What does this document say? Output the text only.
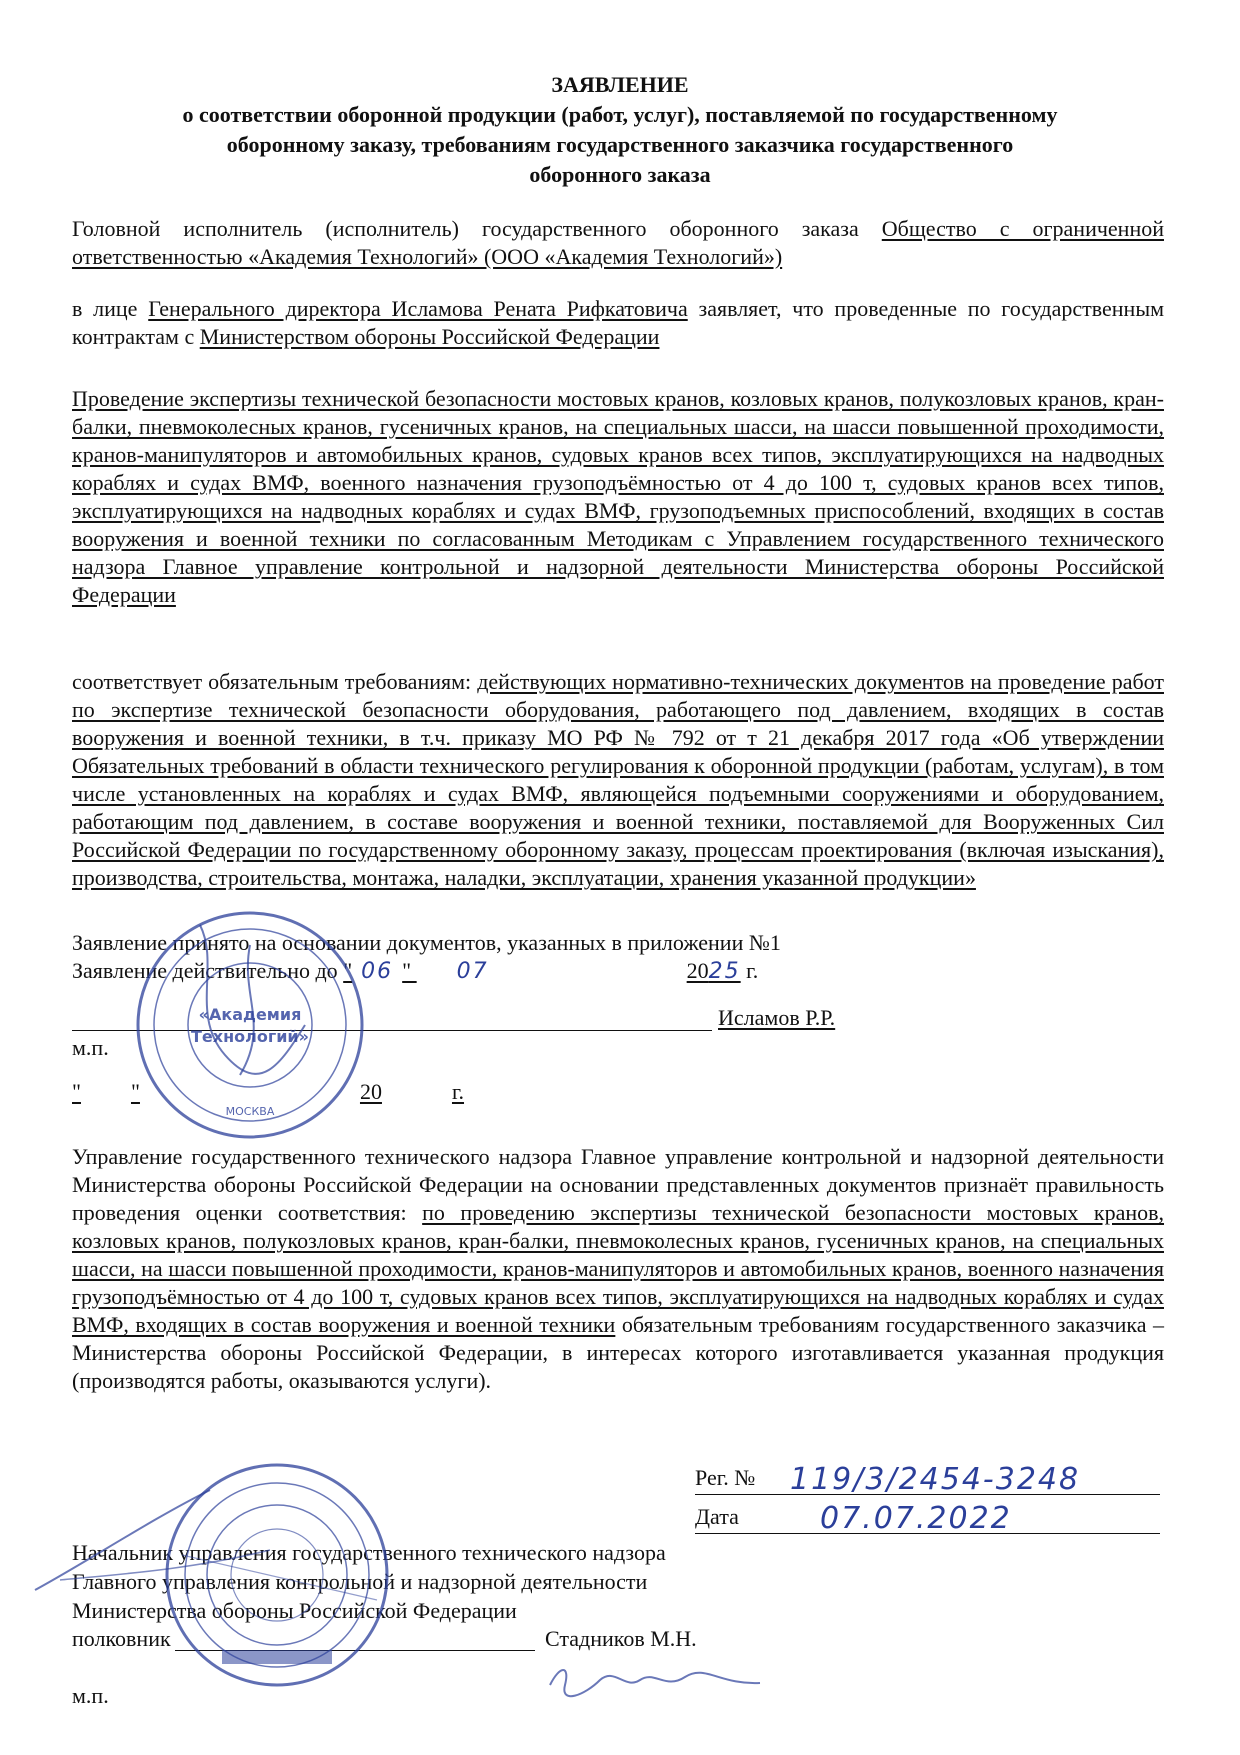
ЗАЯВЛЕНИЕ
о соответствии оборонной продукции (работ, услуг), поставляемой по государственному
оборонному заказу, требованиям государственного заказчика государственного
оборонного заказа
Головной исполнитель (исполнитель) государственного оборонного заказа Общество с ограниченной ответственностью «Академия Технологий» (ООО «Академия Технологий»)
в лице Генерального директора Исламова Рената Рифкатовича заявляет, что проведенные по государственным контрактам с Министерством обороны Российской Федерации
Проведение экспертизы технической безопасности мостовых кранов, козловых кранов, полукозловых кранов, кран-балки, пневмоколесных кранов, гусеничных кранов, на специальных шасси, на шасси повышенной проходимости, кранов-манипуляторов и автомобильных кранов, судовых кранов всех типов, эксплуатирующихся на надводных кораблях и судах ВМФ, военного назначения грузоподъёмностью от 4 до 100 т, судовых кранов всех типов, эксплуатирующихся на надводных кораблях и судах ВМФ, грузоподъемных приспособлений, входящих в состав вооружения и военной техники по согласованным Методикам с Управлением государственного технического надзора Главное управление контрольной и надзорной деятельности Министерства обороны Российской Федерации
соответствует обязательным требованиям: действующих нормативно-технических документов на проведение работ по экспертизе технической безопасности оборудования, работающего под давлением, входящих в состав вооружения и военной техники, в т.ч. приказу МО РФ № 792 от т 21 декабря 2017 года «Об утверждении Обязательных требований в области технического регулирования к оборонной продукции (работам, услугам), в том числе установленных на кораблях и судах ВМФ, являющейся подъемными сооружениями и оборудованием, работающим под давлением, в составе вооружения и военной техники, поставляемой для Вооруженных Сил Российской Федерации по государственному оборонному заказу, процессам проектирования (включая изыскания), производства, строительства, монтажа, наладки, эксплуатации, хранения указанной продукции»
Заявление принято на основании документов, указанных в приложении №1
Заявление действительно до " 06 " 07	2025 г.
Исламов Р.Р.
м.п.
" "	20	г.
«Академия
Технологий»
МОСКВА
Управление государственного технического надзора Главное управление контрольной и надзорной деятельности Министерства обороны Российской Федерации на основании представленных документов признаёт правильность проведения оценки соответствия: по проведению экспертизы технической безопасности мостовых кранов, козловых кранов, полукозловых кранов, кран-балки, пневмоколесных кранов, гусеничных кранов, на специальных шасси, на шасси повышенной проходимости, кранов-манипуляторов и автомобильных кранов, военного назначения грузоподъёмностью от 4 до 100 т, судовых кранов всех типов, эксплуатирующихся на надводных кораблях и судах ВМФ, входящих в состав вооружения и военной техники обязательным требованиям государственного заказчика – Министерства обороны Российской Федерации, в интересах которого изготавливается указанная продукция (производятся работы, оказываются услуги).
Рег. № 119/3/2454-3248
Дата	07.07.2022
Начальник управления государственного технического надзора
Главного управления контрольной и надзорной деятельности
Министерства обороны Российской Федерации
полковник	Стадников М.Н.
м.п.
